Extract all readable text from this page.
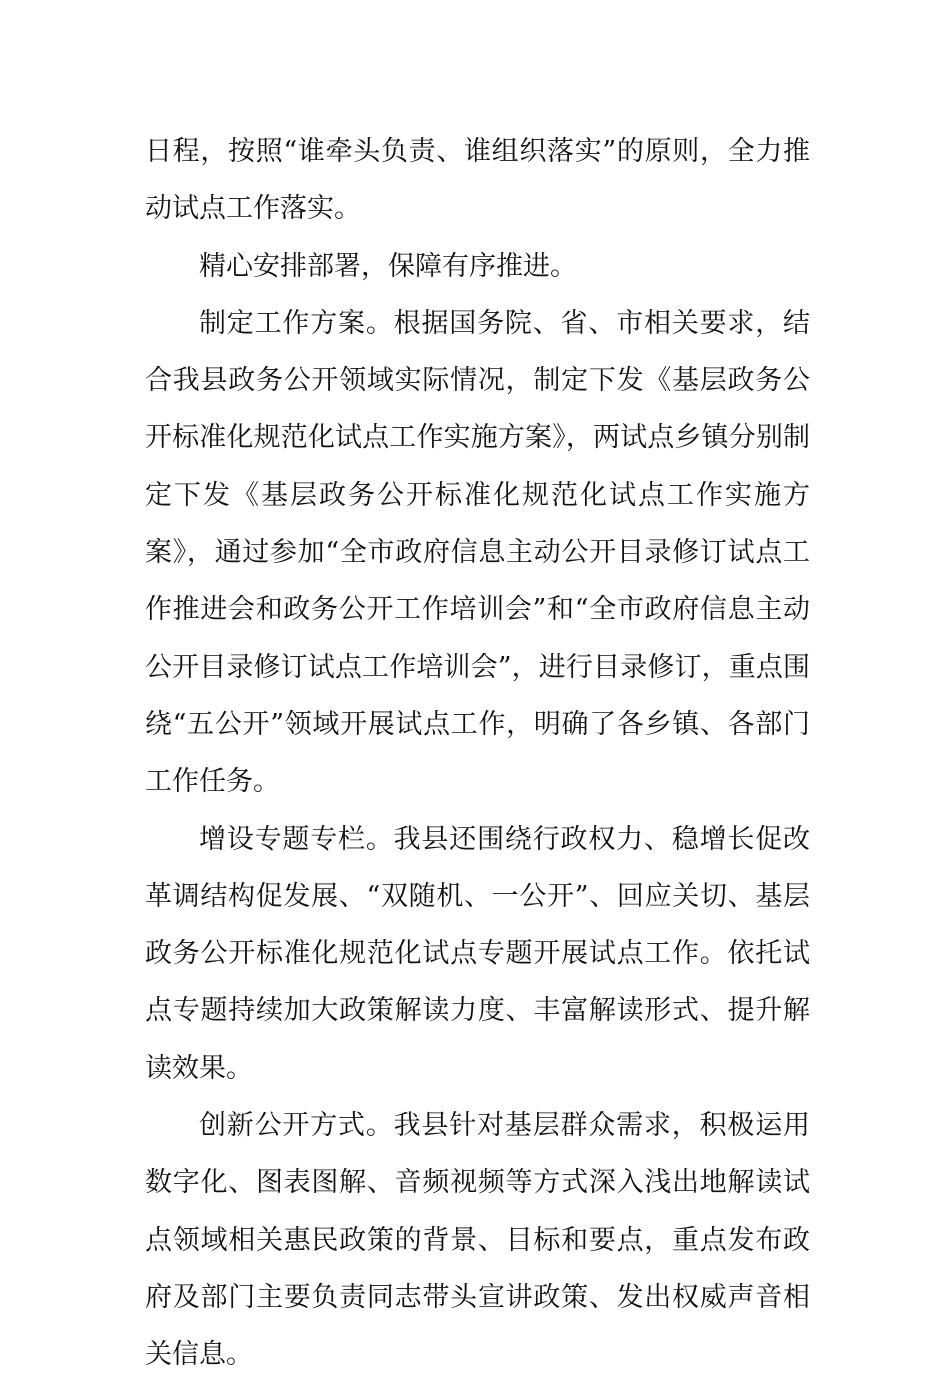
日程，按照“谁牵头负责、谁组织落实”的原则，全力推动试点工作落实。

精心安排部署，保障有序推进。

制定工作方案。根据国务院、省、市相关要求，结合我县政务公开领域实际情况，制定下发《基层政务公开标准化规范化试点工作实施方案》，两试点乡镇分别制定下发《基层政务公开标准化规范化试点工作实施方案》，通过参加“全市政府信息主动公开目录修订试点工作推进会和政务公开工作培训会”和“全市政府信息主动公开目录修订试点工作培训会”，进行目录修订，重点围绕“五公开”领域开展试点工作，明确了各乡镇、各部门工作任务。

增设专题专栏。我县还围绕行政权力、稳增长促改革调结构促发展、“双随机、一公开”、回应关切、基层政务公开标准化规范化试点专题开展试点工作。依托试点专题持续加大政策解读力度、丰富解读形式、提升解读效果。

创新公开方式。我县针对基层群众需求，积极运用数字化、图表图解、音频视频等方式深入浅出地解读试点领域相关惠民政策的背景、目标和要点，重点发布政府及部门主要负责同志带头宣讲政策、发出权威声音相关信息。
